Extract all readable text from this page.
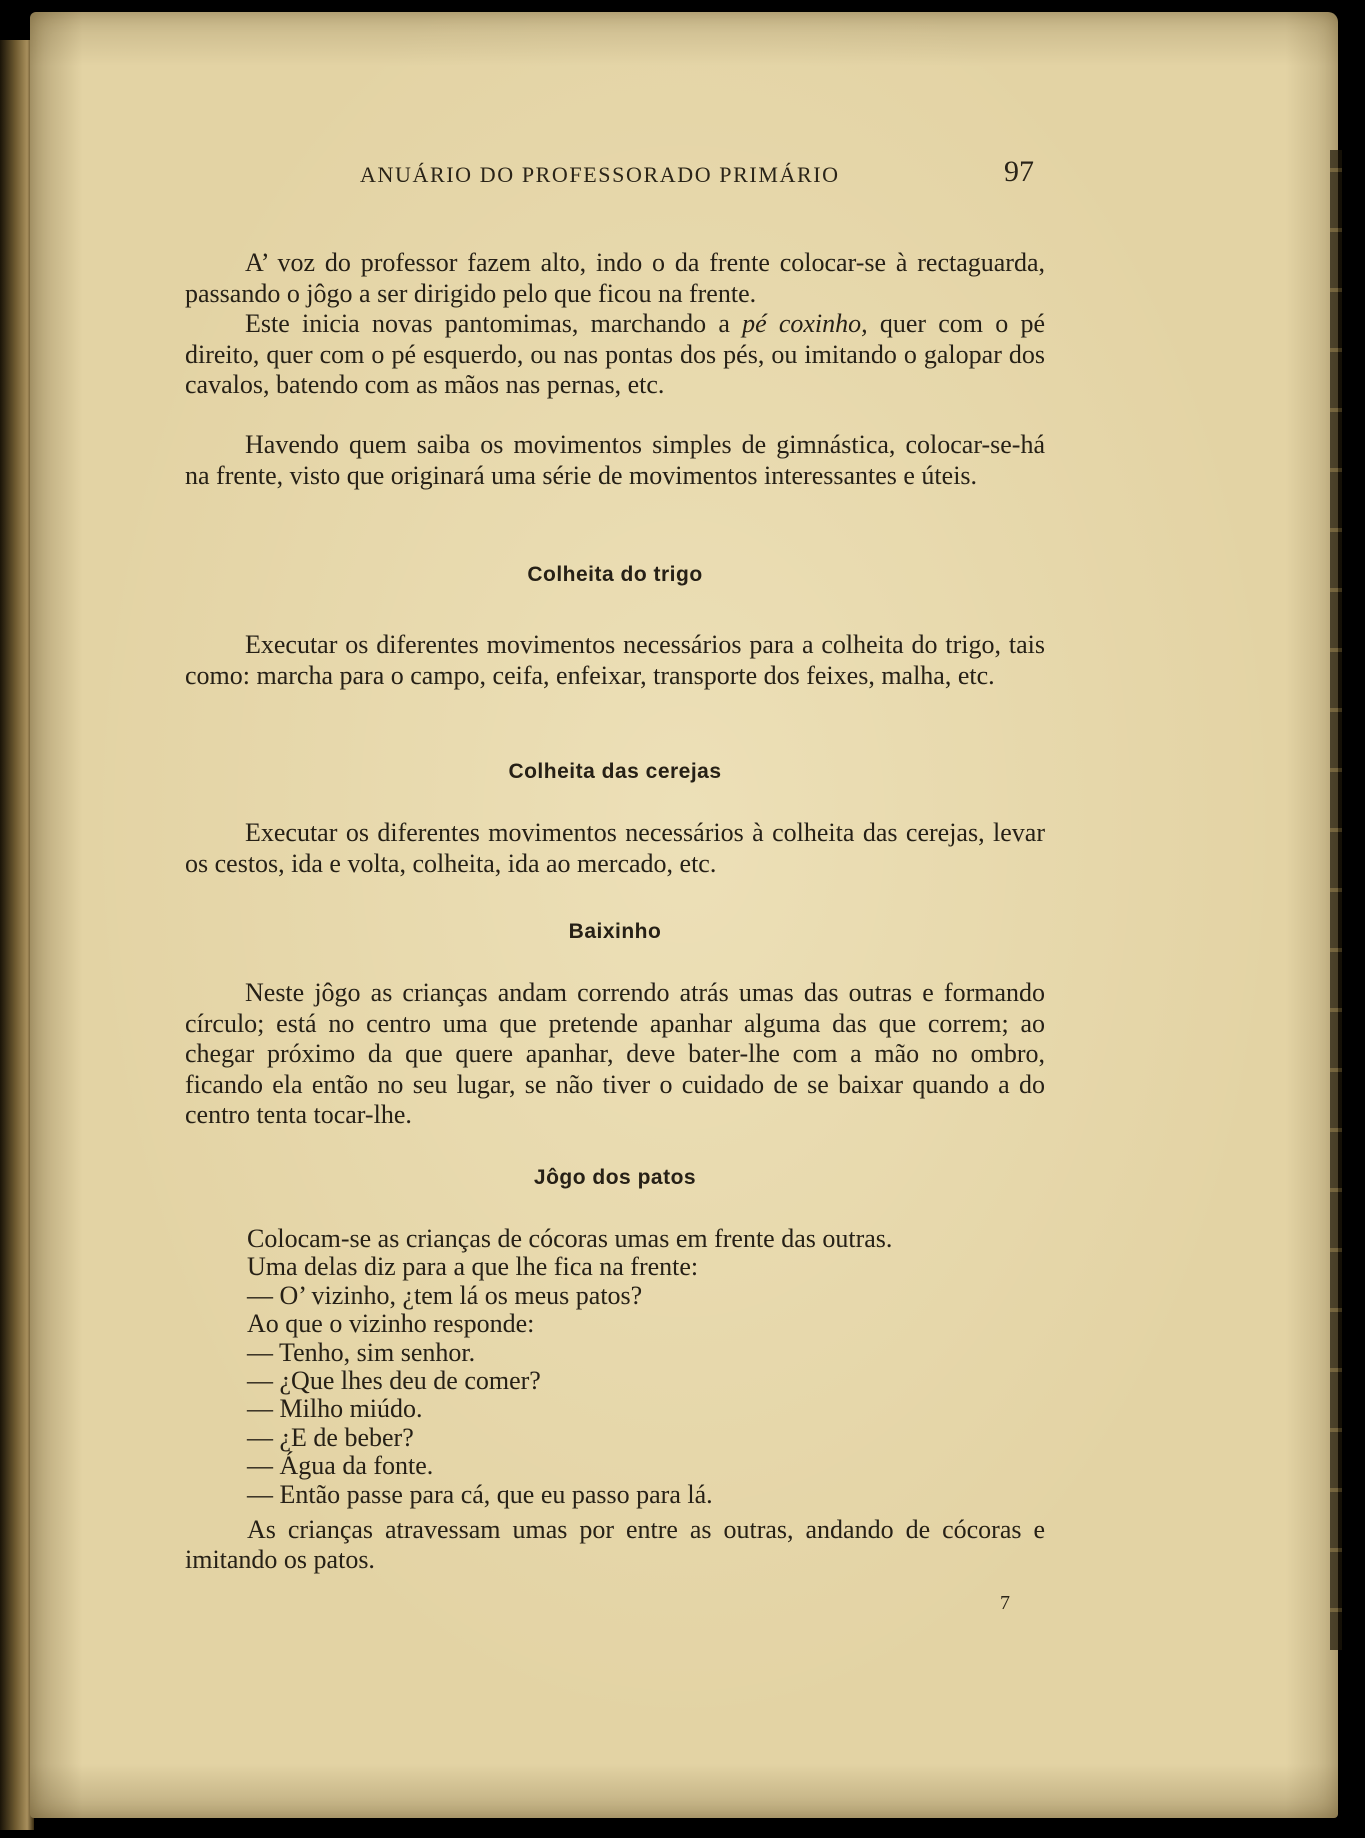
ANUÁRIO DO PROFESSORADO PRIMÁRIO	97

A’ voz do professor fazem alto, indo o da frente colocar-se à rectaguarda, passando o jôgo a ser dirigido pelo que ficou na frente.

Este inicia novas pantomimas, marchando a pé coxinho, quer com o pé direito, quer com o pé esquerdo, ou nas pontas dos pés, ou imitando o galopar dos cavalos, batendo com as mãos nas pernas, etc.

Havendo quem saiba os movimentos simples de gimnástica, colocar-se-há na frente, visto que originará uma série de movimentos interessantes e úteis.

Colheita do trigo

Executar os diferentes movimentos necessários para a colheita do trigo, tais como: marcha para o campo, ceifa, enfeixar, transporte dos feixes, malha, etc.

Colheita das cerejas

Executar os diferentes movimentos necessários à colheita das cerejas, levar os cestos, ida e volta, colheita, ida ao mercado, etc.

Baixinho

Neste jôgo as crianças andam correndo atrás umas das outras e formando círculo; está no centro uma que pretende apanhar alguma das que correm; ao chegar próximo da que quere apanhar, deve bater-lhe com a mão no ombro, ficando ela então no seu lugar, se não tiver o cuidado de se baixar quando a do centro tenta tocar-lhe.

Jôgo dos patos
Colocam-se as crianças de cócoras umas em frente das outras.
Uma delas diz para a que lhe fica na frente:
— O’ vizinho, ¿tem lá os meus patos?
Ao que o vizinho responde:
— Tenho, sim senhor.
— ¿Que lhes deu de comer?
— Milho miúdo.
— ¿E de beber?
— Água da fonte.
— Então passe para cá, que eu passo para lá.

As crianças atravessam umas por entre as outras, andando de cócoras e imitando os patos.

7
